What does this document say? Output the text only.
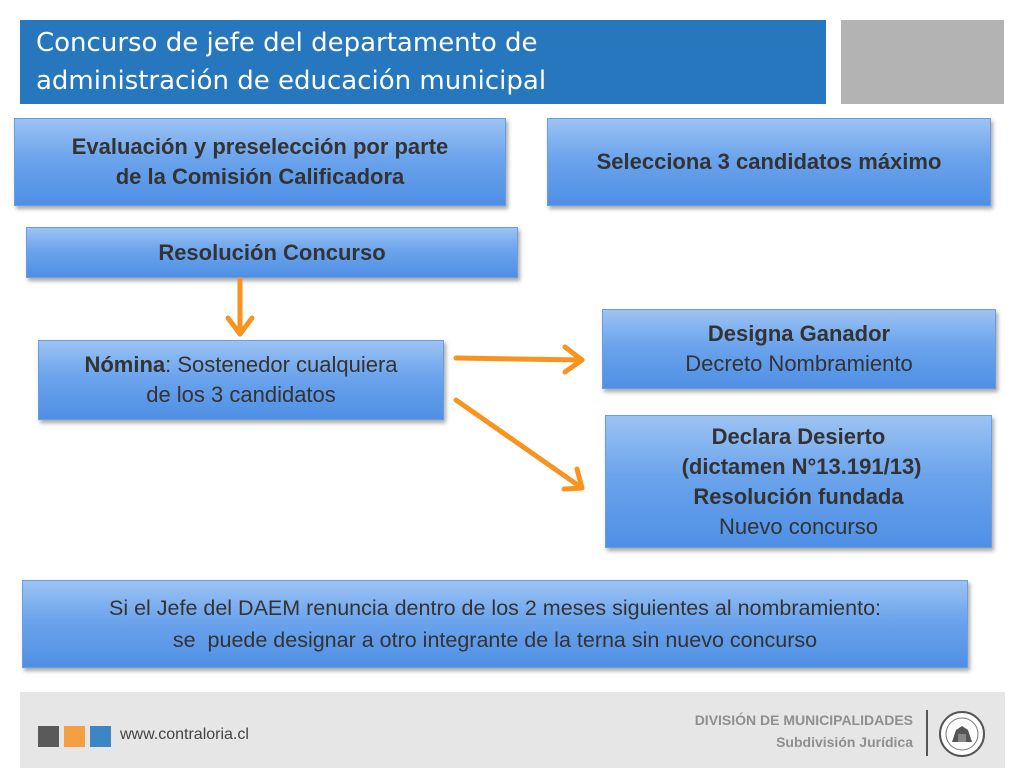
Concurso de jefe del departamento de
administración de educación municipal
Evaluación y preselección por parte
de la Comisión Calificadora
Selecciona 3 candidatos máximo
Resolución Concurso
Nómina: Sostenedor cualquiera
de los 3 candidatos
Designa Ganador
Decreto Nombramiento
Declara Desierto
(dictamen N°13.191/13)
Resolución fundada
Nuevo concurso
Si el Jefe del DAEM renuncia dentro de los 2 meses siguientes al nombramiento:
se  puede designar a otro integrante de la terna sin nuevo concurso
www.contraloria.cl
DIVISIÓN DE MUNICIPALIDADES
Subdivisión Jurídica
